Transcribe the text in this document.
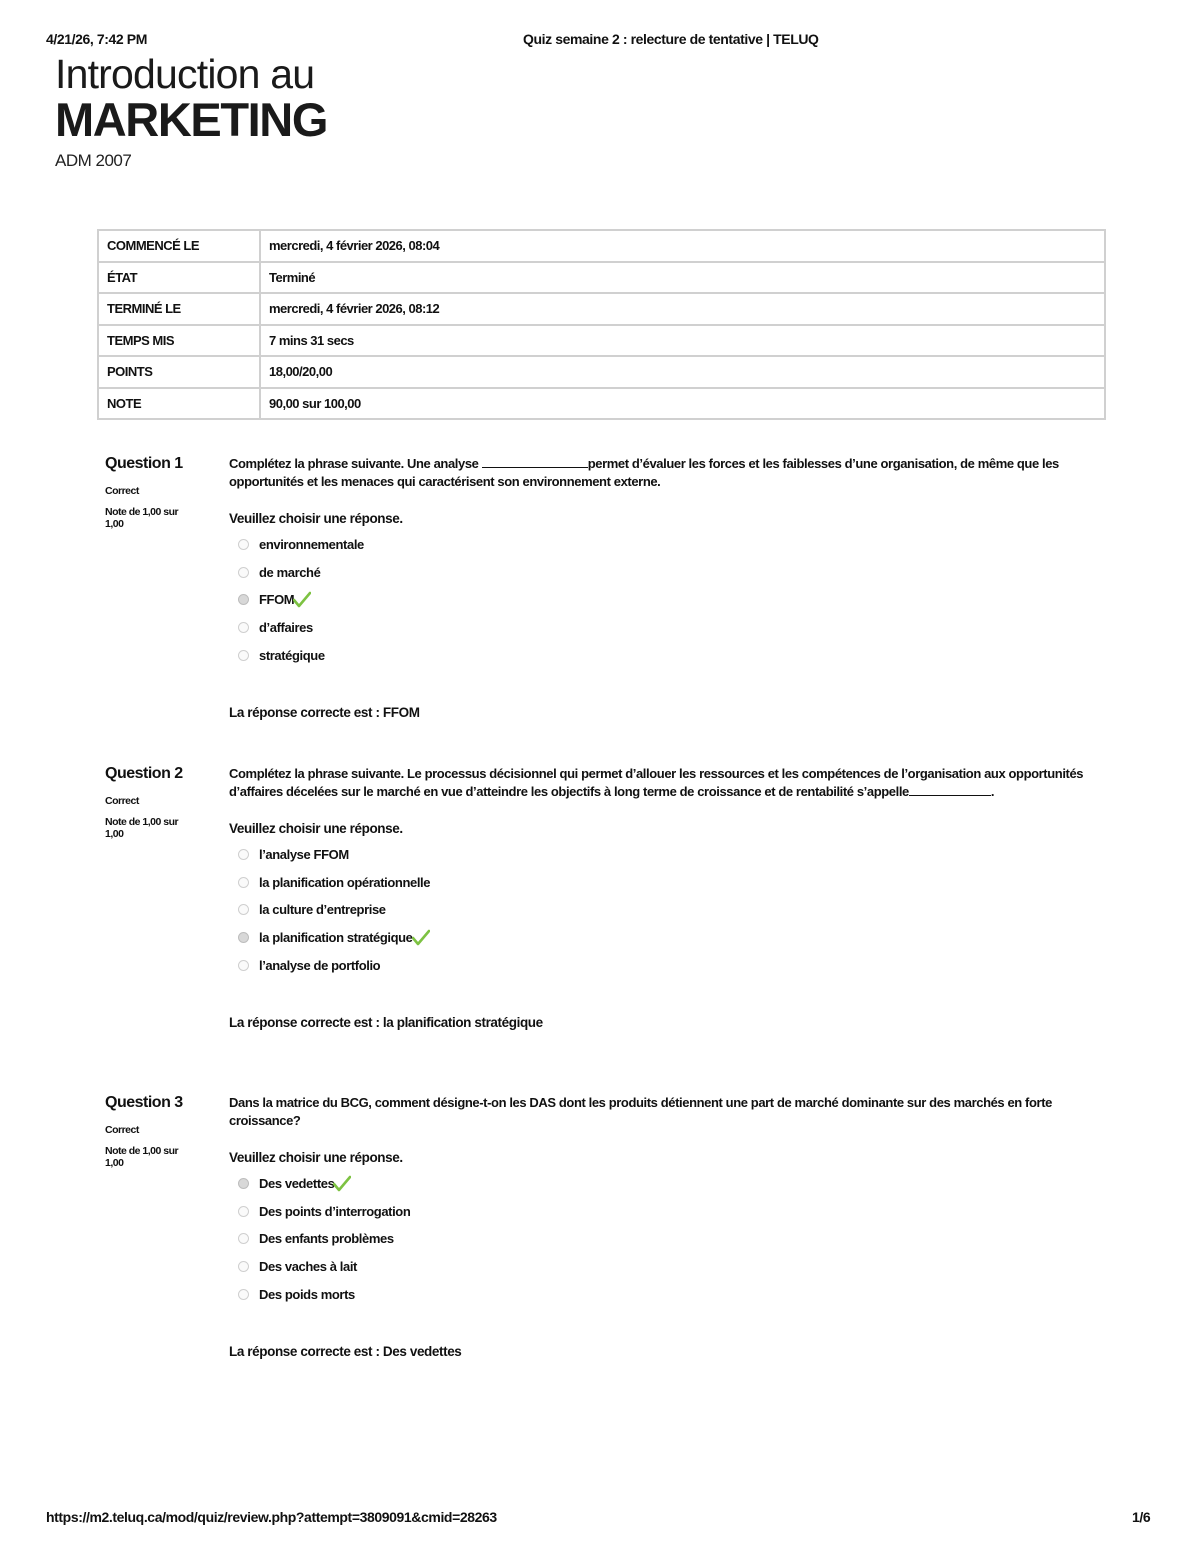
4/21/26, 7:42 PM	Quiz semaine 2 : relecture de tentative | TELUQ
Introduction au
MARKETING
ADM 2007
COMMENCÉ LE	mercredi, 4 février 2026, 08:04
ÉTAT	Terminé
TERMINÉ LE	mercredi, 4 février 2026, 08:12
TEMPS MIS	7 mins 31 secs
POINTS	18,00/20,00
NOTE	90,00 sur 100,00
Question 1
Correct
Note de 1,00 sur 1,00
Complétez la phrase suivante. Une analyse	permet d’évaluer les forces et les faiblesses d’une organisation, de même que les opportunités et les menaces qui caractérisent son environnement externe.
Veuillez choisir une réponse.
environnementale
de marché
FFOM
d’affaires
stratégique
La réponse correcte est : FFOM
Question 2
Correct
Note de 1,00 sur 1,00
Complétez la phrase suivante. Le processus décisionnel qui permet d’allouer les ressources et les compétences de l’organisation aux opportunités d’affaires décelées sur le marché en vue d’atteindre les objectifs à long terme de croissance et de rentabilité s’appelle	.
Veuillez choisir une réponse.
l’analyse FFOM
la planification opérationnelle
la culture d’entreprise
la planification stratégique
l’analyse de portfolio
La réponse correcte est : la planification stratégique
Question 3
Correct
Note de 1,00 sur 1,00
Dans la matrice du BCG, comment désigne-t-on les DAS dont les produits détiennent une part de marché dominante sur des marchés en forte croissance?
Veuillez choisir une réponse.
Des vedettes
Des points d’interrogation
Des enfants problèmes
Des vaches à lait
Des poids morts
La réponse correcte est : Des vedettes
https://m2.teluq.ca/mod/quiz/review.php?attempt=3809091&cmid=28263	1/6
